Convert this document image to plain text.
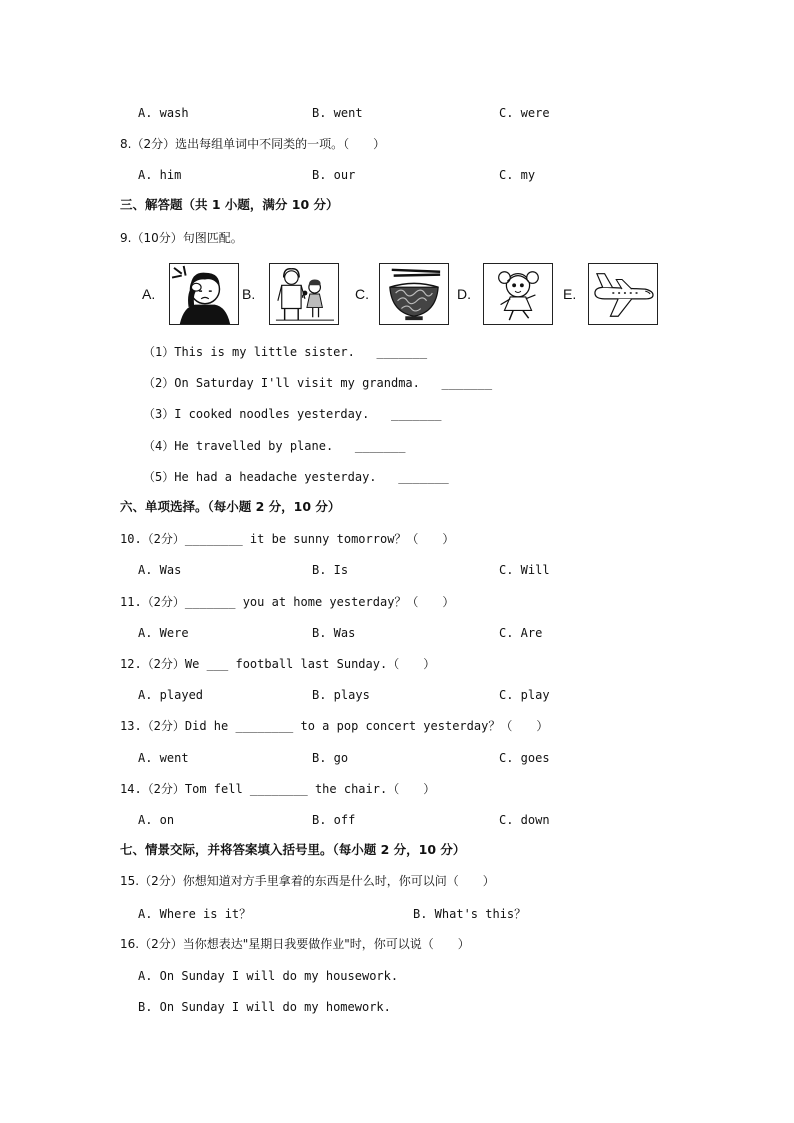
A. wash	B. went	C. were
8.（2分）选出每组单词中不同类的一项。（　　）
A. him	B. our	C. my
三、解答题（共 1 小题，满分 10 分）
9.（10分）句图匹配。
A.	B.	C.	D.	E.
（1）This is my little sister.   _______
（2）On Saturday I'll visit my grandma.   _______
（3）I cooked noodles yesterday.   _______
（4）He travelled by plane.   _______
（5）He had a headache yesterday.   _______
六、单项选择。（每小题 2 分，10 分）
10.（2分）________ it be sunny tomorrow？（　　）
A. Was	B. Is	C. Will
11.（2分）_______ you at home yesterday？（　　）
A. Were	B. Was	C. Are
12.（2分）We ___ football last Sunday.（　　）
A. played	B. plays	C. play
13.（2分）Did he ________ to a pop concert yesterday？（　　）
A. went	B. go	C. goes
14.（2分）Tom fell ________ the chair.（　　）
A. on	B. off	C. down
七、情景交际，并将答案填入括号里。（每小题 2 分，10 分）
15.（2分）你想知道对方手里拿着的东西是什么时，你可以问（　　）
A. Where is it？	B. What's this？
16.（2分）当你想表达"星期日我要做作业"时，你可以说（　　）
A. On Sunday I will do my housework.
B. On Sunday I will do my homework.
